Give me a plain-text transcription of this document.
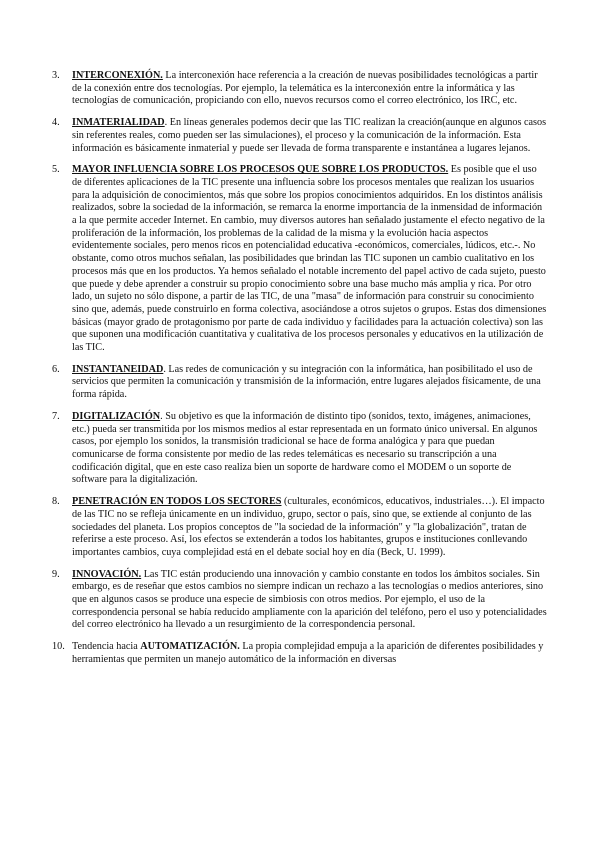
3. INTERCONEXIÓN. La interconexión hace referencia a la creación de nuevas posibilidades tecnológicas a partir de la conexión entre dos tecnologías. Por ejemplo, la telemática es la interconexión entre la informática y las tecnologías de comunicación, propiciando con ello, nuevos recursos como el correo electrónico, los IRC, etc.
4. INMATERIALIDAD. En líneas generales podemos decir que las TIC realizan la creación(aunque en algunos casos sin referentes reales, como pueden ser las simulaciones), el proceso y la comunicación de la información. Esta información es básicamente inmaterial y puede ser llevada de forma transparente e instantánea a lugares lejanos.
5. MAYOR INFLUENCIA SOBRE LOS PROCESOS QUE SOBRE LOS PRODUCTOS. Es posible que el uso de diferentes aplicaciones de la TIC presente una influencia sobre los procesos mentales que realizan los usuarios para la adquisición de conocimientos, más que sobre los propios conocimientos adquiridos. En los distintos análisis realizados, sobre la sociedad de la información, se remarca la enorme importancia de la inmensidad de información a la que permite acceder Internet. En cambio, muy diversos autores han señalado justamente el efecto negativo de la proliferación de la información, los problemas de la calidad de la misma y la evolución hacia aspectos evidentemente sociales, pero menos ricos en potencialidad educativa -económicos, comerciales, lúdicos, etc.-. No obstante, como otros muchos señalan, las posibilidades que brindan las TIC suponen un cambio cualitativo en los procesos más que en los productos. Ya hemos señalado el notable incremento del papel activo de cada sujeto, puesto que puede y debe aprender a construir su propio conocimiento sobre una base mucho más amplia y rica. Por otro lado, un sujeto no sólo dispone, a partir de las TIC, de una "masa" de información para construir su conocimiento sino que, además, puede construirlo en forma colectiva, asociándose a otros sujetos o grupos. Estas dos dimensiones básicas (mayor grado de protagonismo por parte de cada individuo y facilidades para la actuación colectiva) son las que suponen una modificación cuantitativa y cualitativa de los procesos personales y educativos en la utilización de las TIC.
6. INSTANTANEIDAD. Las redes de comunicación y su integración con la informática, han posibilitado el uso de servicios que permiten la comunicación y transmisión de la información, entre lugares alejados físicamente, de una forma rápida.
7. DIGITALIZACIÓN. Su objetivo es que la información de distinto tipo (sonidos, texto, imágenes, animaciones, etc.) pueda ser transmitida por los mismos medios al estar representada en un formato único universal. En algunos casos, por ejemplo los sonidos, la transmisión tradicional se hace de forma analógica y para que puedan comunicarse de forma consistente por medio de las redes telemáticas es necesario su transcripción a una codificación digital, que en este caso realiza bien un soporte de hardware como el MODEM o un soporte de software para la digitalización.
8. PENETRACIÓN EN TODOS LOS SECTORES (culturales, económicos, educativos, industriales…). El impacto de las TIC no se refleja únicamente en un individuo, grupo, sector o país, sino que, se extiende al conjunto de las sociedades del planeta. Los propios conceptos de "la sociedad de la información" y "la globalización", tratan de referirse a este proceso. Así, los efectos se extenderán a todos los habitantes, grupos e instituciones conllevando importantes cambios, cuya complejidad está en el debate social hoy en día (Beck, U. 1999).
9. INNOVACIÓN. Las TIC están produciendo una innovación y cambio constante en todos los ámbitos sociales. Sin embargo, es de reseñar que estos cambios no siempre indican un rechazo a las tecnologías o medios anteriores, sino que en algunos casos se produce una especie de simbiosis con otros medios. Por ejemplo, el uso de la correspondencia personal se había reducido ampliamente con la aparición del teléfono, pero el uso y potencialidades del correo electrónico ha llevado a un resurgimiento de la correspondencia personal.
10. Tendencia hacia AUTOMATIZACIÓN. La propia complejidad empuja a la aparición de diferentes posibilidades y herramientas que permiten un manejo automático de la información en diversas
